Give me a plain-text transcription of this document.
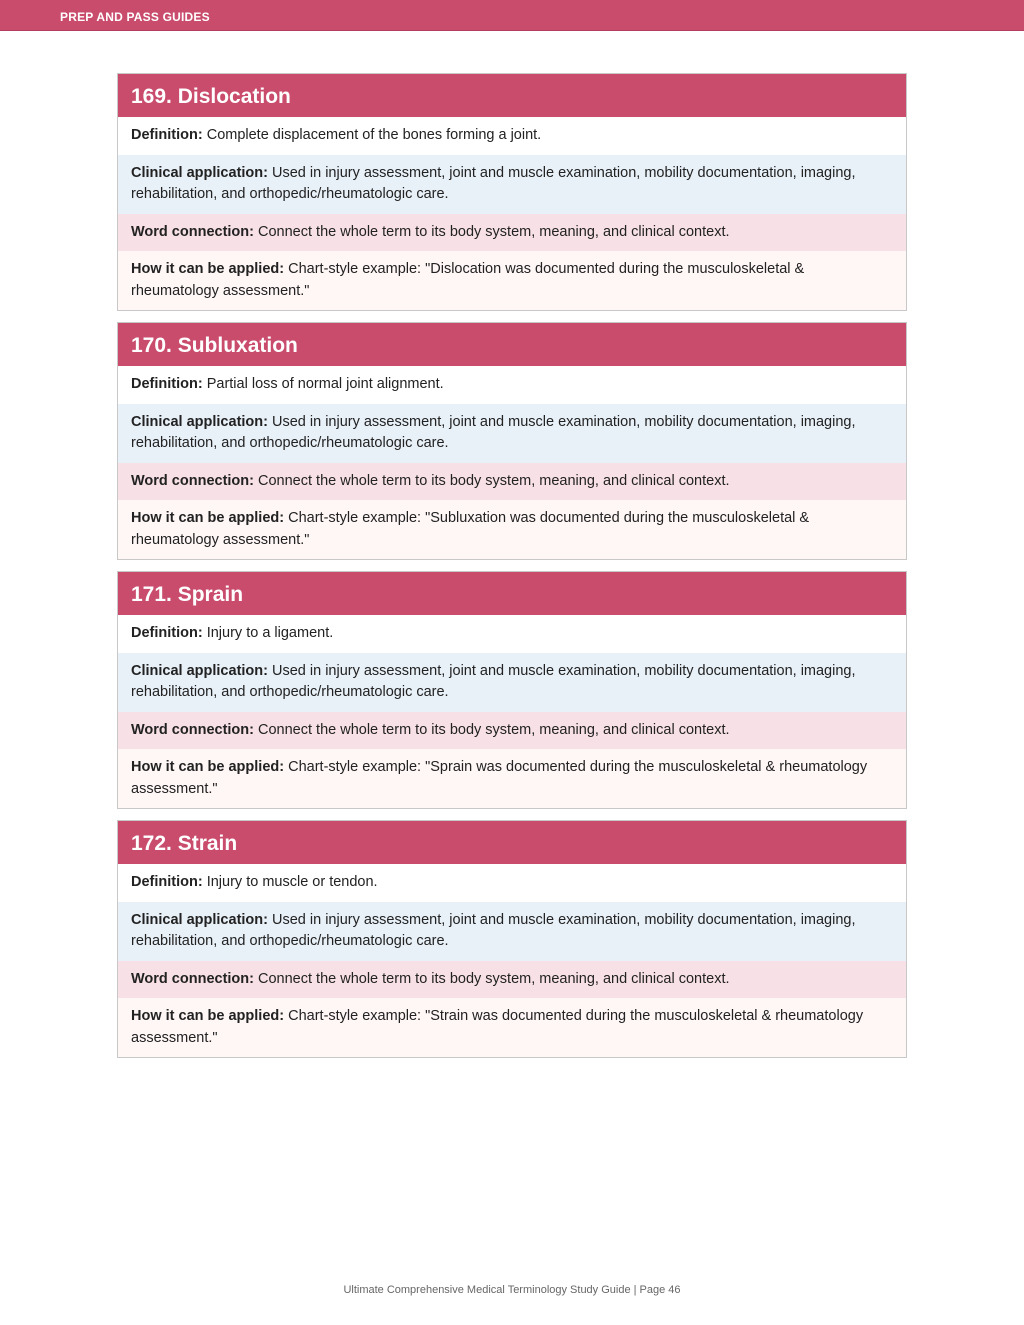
PREP AND PASS GUIDES
169. Dislocation
Definition: Complete displacement of the bones forming a joint.
Clinical application: Used in injury assessment, joint and muscle examination, mobility documentation, imaging, rehabilitation, and orthopedic/rheumatologic care.
Word connection: Connect the whole term to its body system, meaning, and clinical context.
How it can be applied: Chart-style example: "Dislocation was documented during the musculoskeletal & rheumatology assessment."
170. Subluxation
Definition: Partial loss of normal joint alignment.
Clinical application: Used in injury assessment, joint and muscle examination, mobility documentation, imaging, rehabilitation, and orthopedic/rheumatologic care.
Word connection: Connect the whole term to its body system, meaning, and clinical context.
How it can be applied: Chart-style example: "Subluxation was documented during the musculoskeletal & rheumatology assessment."
171. Sprain
Definition: Injury to a ligament.
Clinical application: Used in injury assessment, joint and muscle examination, mobility documentation, imaging, rehabilitation, and orthopedic/rheumatologic care.
Word connection: Connect the whole term to its body system, meaning, and clinical context.
How it can be applied: Chart-style example: "Sprain was documented during the musculoskeletal & rheumatology assessment."
172. Strain
Definition: Injury to muscle or tendon.
Clinical application: Used in injury assessment, joint and muscle examination, mobility documentation, imaging, rehabilitation, and orthopedic/rheumatologic care.
Word connection: Connect the whole term to its body system, meaning, and clinical context.
How it can be applied: Chart-style example: "Strain was documented during the musculoskeletal & rheumatology assessment."
Ultimate Comprehensive Medical Terminology Study Guide | Page 46
